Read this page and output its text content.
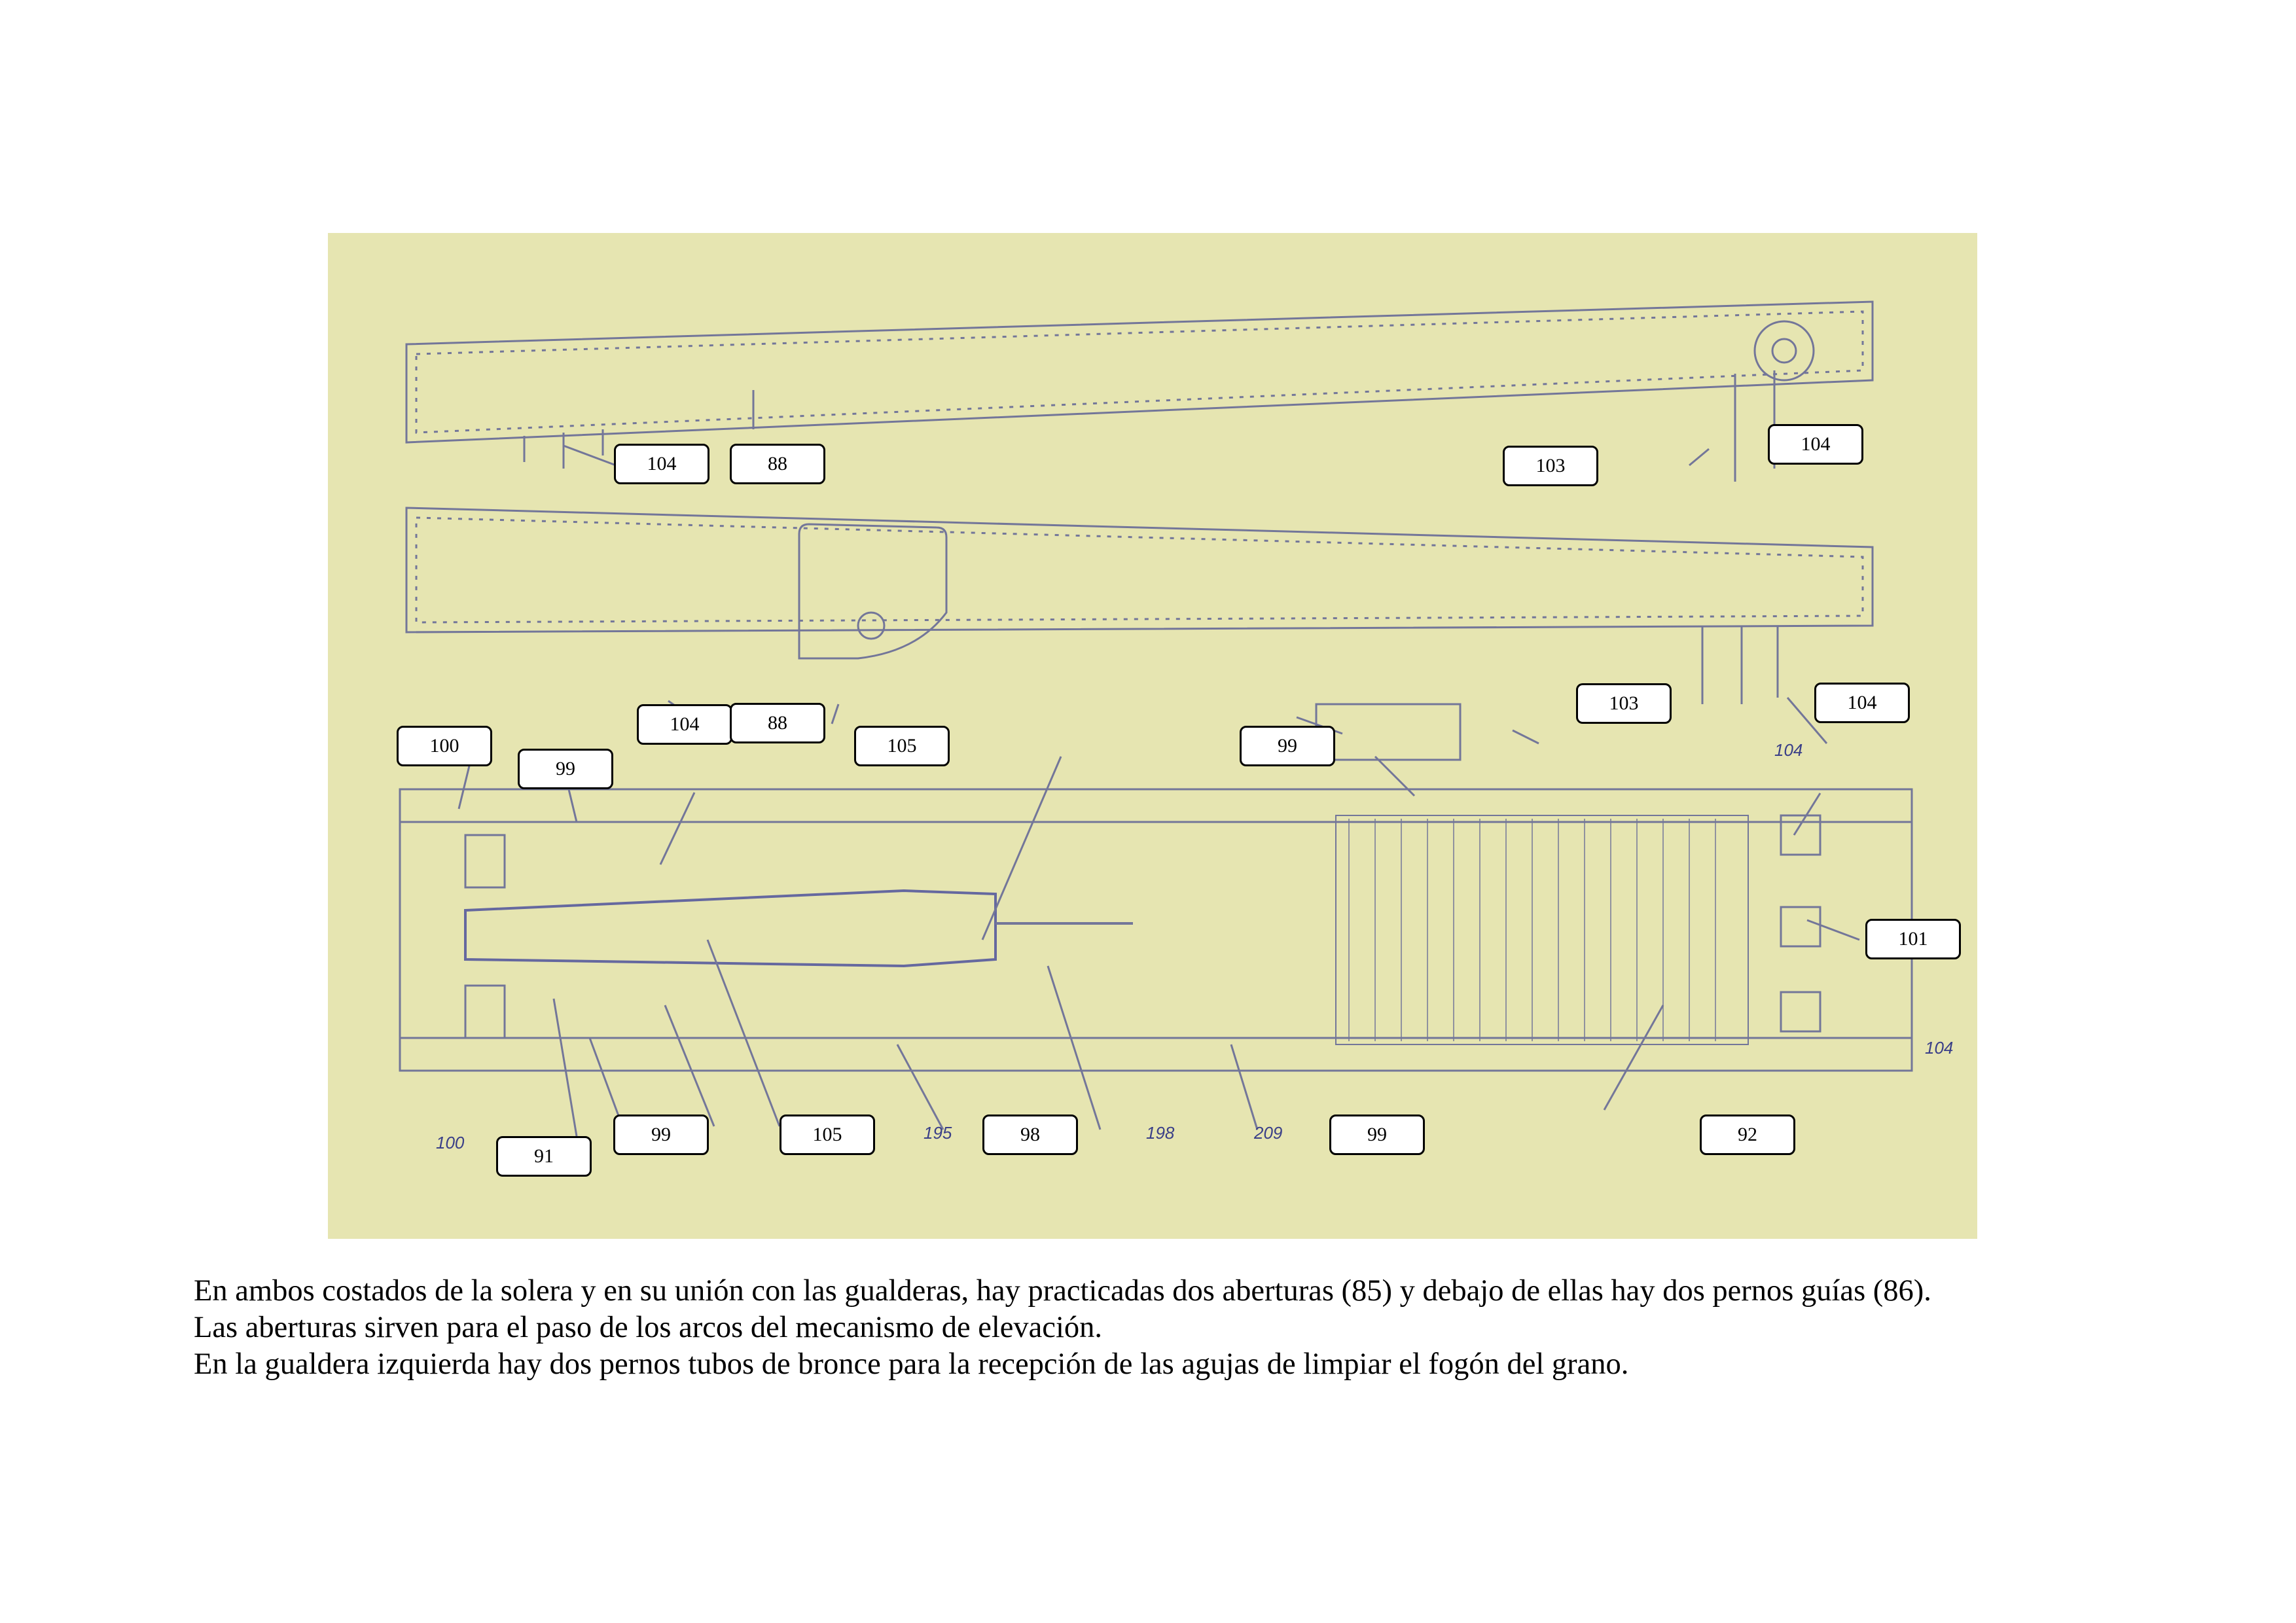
104	88	103
104
104	88
103	104
100
99
105	99
101
99	105	98	99	92
91
100
104
104
195	198	209

En ambos costados de la solera y en su unión con las gualderas, hay practicadas dos aberturas (85) y debajo de ellas hay dos pernos guías (86).

Las aberturas sirven para el paso de los arcos del mecanismo de elevación.

En la gualdera izquierda hay dos pernos tubos de bronce para la recepción de las agujas de limpiar el fogón del grano.
